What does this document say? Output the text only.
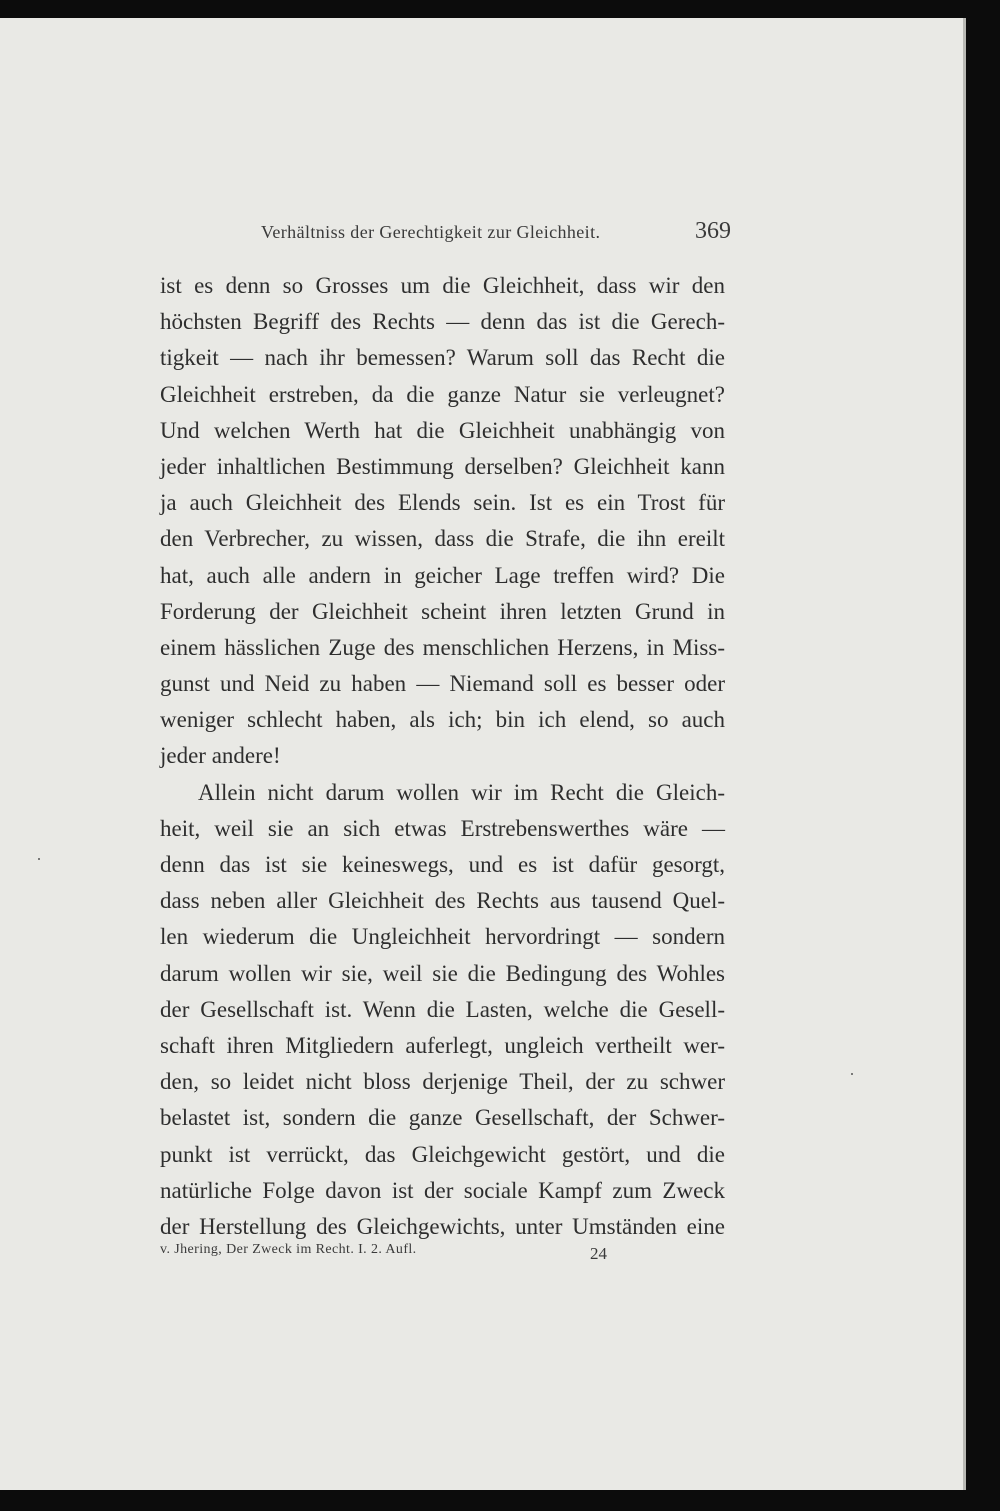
Verhältniss der Gerechtigkeit zur Gleichheit.	369
ist es denn so Grosses um die Gleichheit, dass wir den
höchsten Begriff des Rechts — denn das ist die Gerech-
tigkeit — nach ihr bemessen? Warum soll das Recht die
Gleichheit erstreben, da die ganze Natur sie verleugnet?
Und welchen Werth hat die Gleichheit unabhängig von
jeder inhaltlichen Bestimmung derselben? Gleichheit kann
ja auch Gleichheit des Elends sein. Ist es ein Trost für
den Verbrecher, zu wissen, dass die Strafe, die ihn ereilt
hat, auch alle andern in geicher Lage treffen wird? Die
Forderung der Gleichheit scheint ihren letzten Grund in
einem hässlichen Zuge des menschlichen Herzens, in Miss-
gunst und Neid zu haben — Niemand soll es besser oder
weniger schlecht haben, als ich; bin ich elend, so auch
jeder andere!
Allein nicht darum wollen wir im Recht die Gleich-
heit, weil sie an sich etwas Erstrebenswerthes wäre —
denn das ist sie keineswegs, und es ist dafür gesorgt,
dass neben aller Gleichheit des Rechts aus tausend Quel-
len wiederum die Ungleichheit hervordringt — sondern
darum wollen wir sie, weil sie die Bedingung des Wohles
der Gesellschaft ist. Wenn die Lasten, welche die Gesell-
schaft ihren Mitgliedern auferlegt, ungleich vertheilt wer-
den, so leidet nicht bloss derjenige Theil, der zu schwer
belastet ist, sondern die ganze Gesellschaft, der Schwer-
punkt ist verrückt, das Gleichgewicht gestört, und die
natürliche Folge davon ist der sociale Kampf zum Zweck
der Herstellung des Gleichgewichts, unter Umständen eine
v. Jhering, Der Zweck im Recht. I. 2. Aufl.	24
